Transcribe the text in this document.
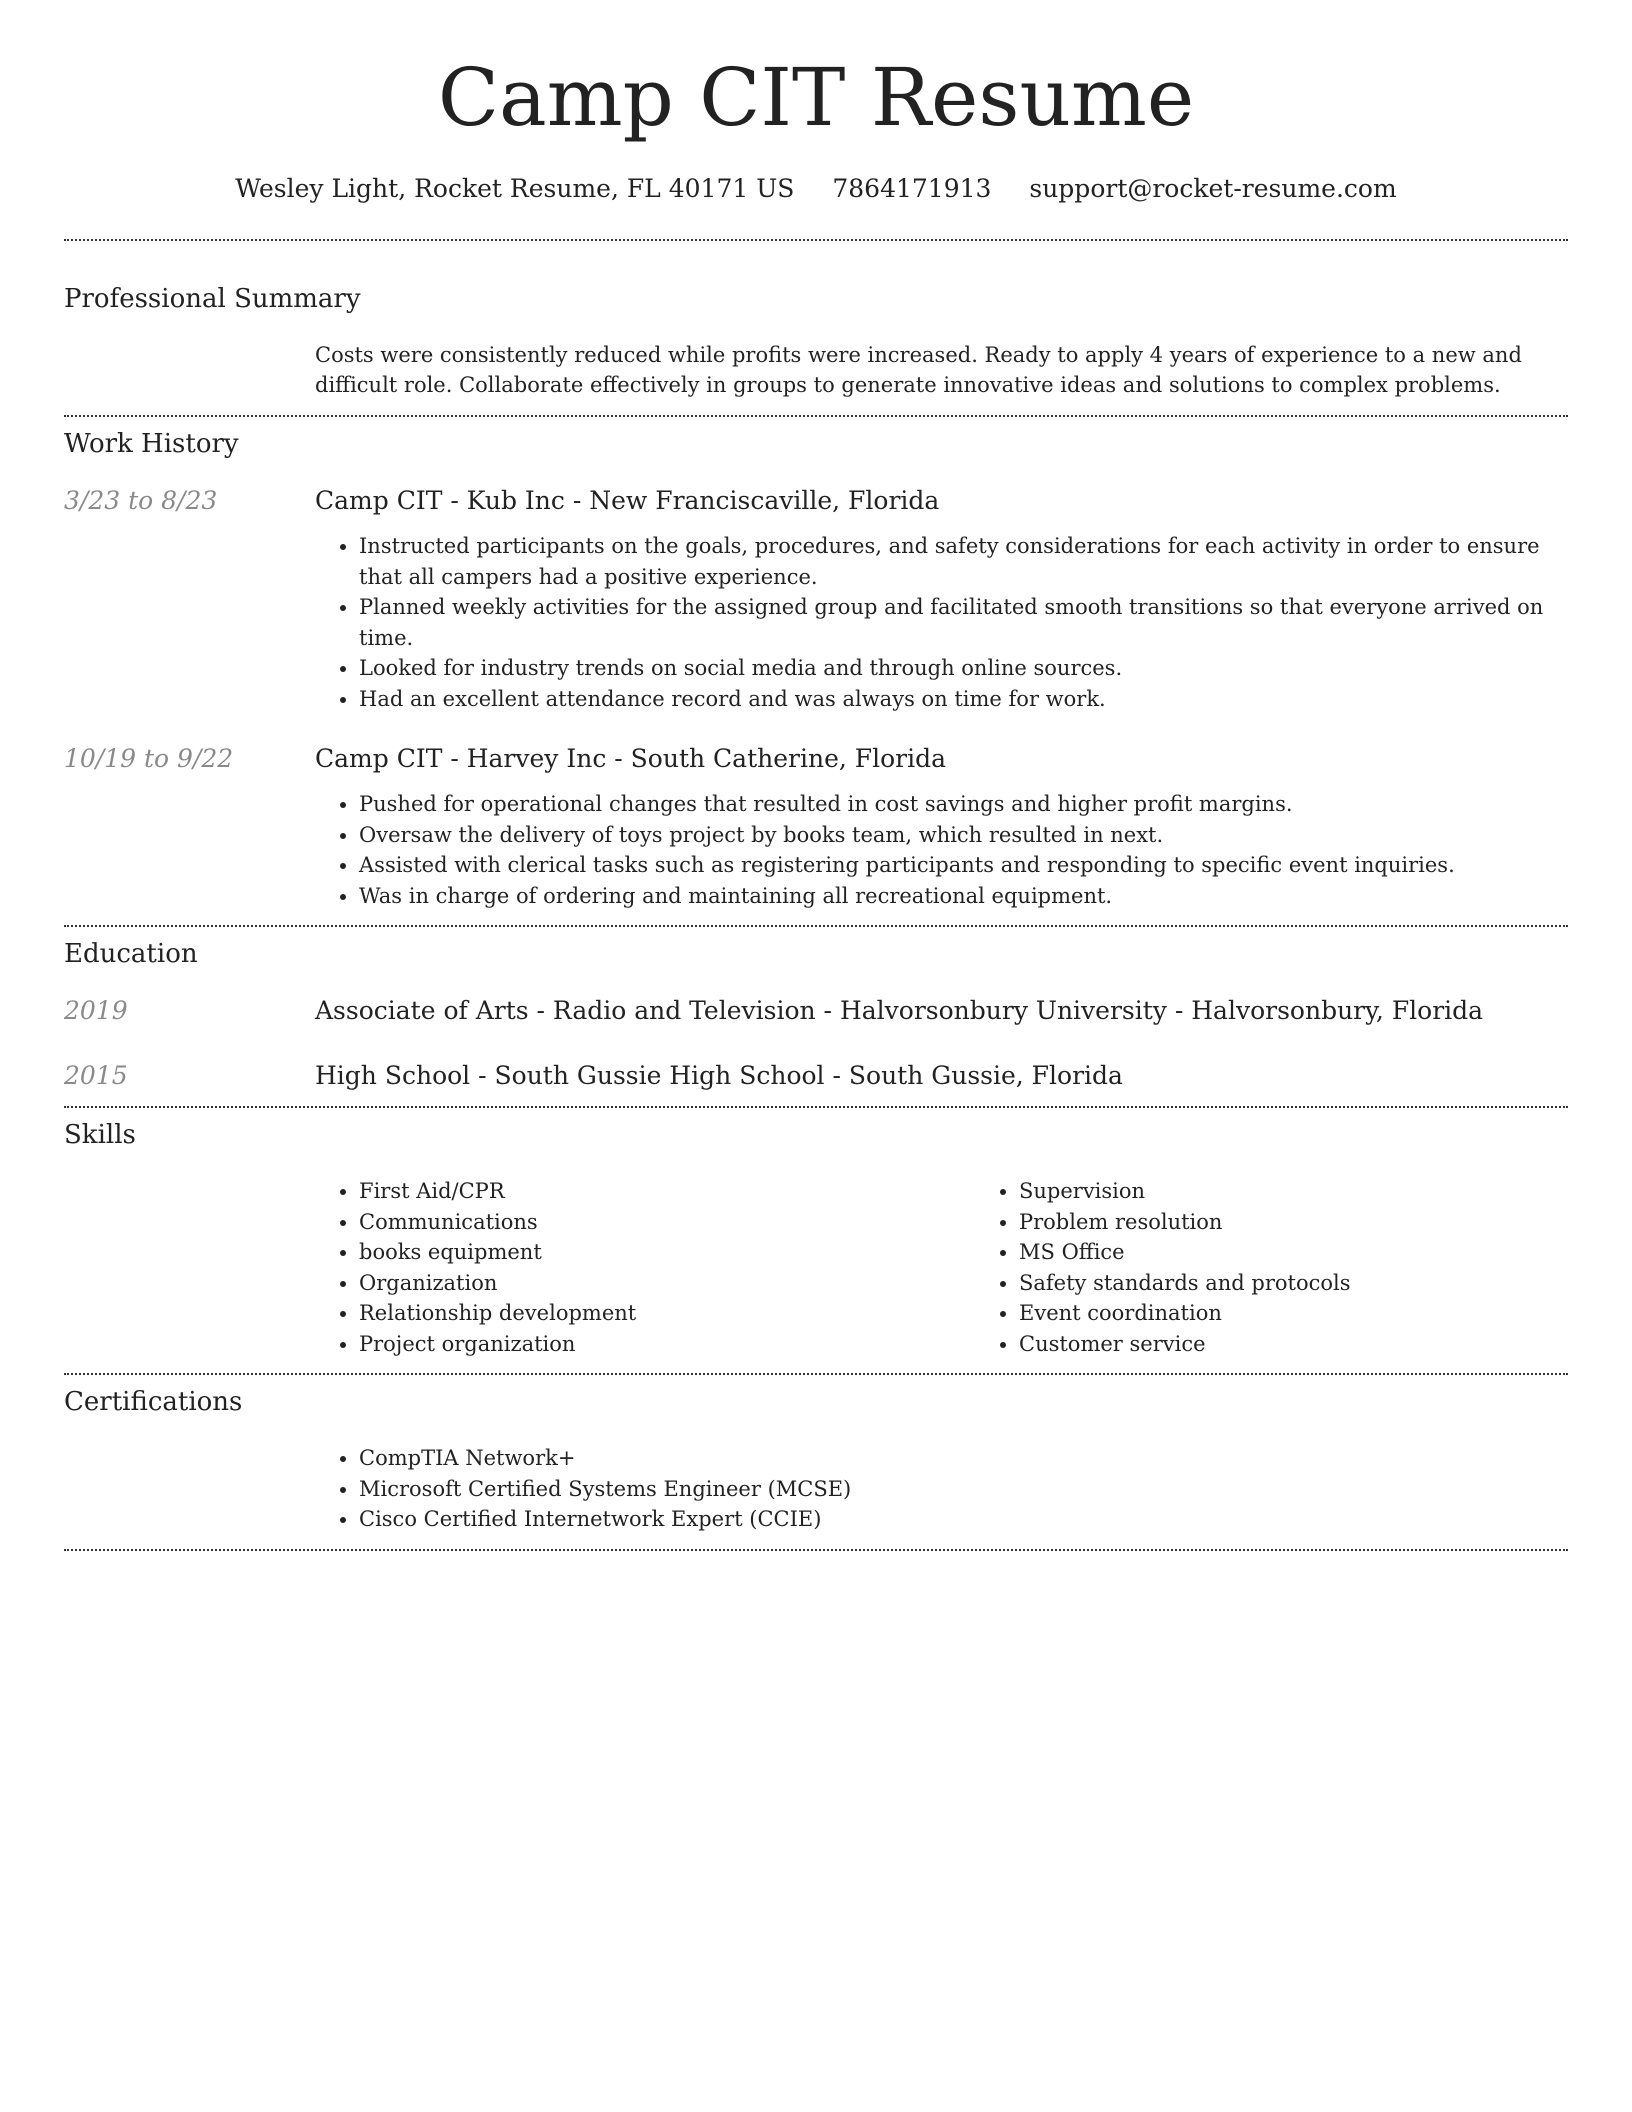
Camp CIT Resume
Wesley Light, Rocket Resume, FL 40171 US 7864171913 support@rocket-resume.com
Professional Summary
Costs were consistently reduced while profits were increased. Ready to apply 4 years of experience to a new and difficult role. Collaborate effectively in groups to generate innovative ideas and solutions to complex problems.
Work History
3/23 to 8/23	Camp CIT - Kub Inc - New Franciscaville, Florida
• Instructed participants on the goals, procedures, and safety considerations for each activity in order to ensure that all campers had a positive experience.
• Planned weekly activities for the assigned group and facilitated smooth transitions so that everyone arrived on time.
• Looked for industry trends on social media and through online sources.
• Had an excellent attendance record and was always on time for work.
10/19 to 9/22	Camp CIT - Harvey Inc - South Catherine, Florida
• Pushed for operational changes that resulted in cost savings and higher profit margins.
• Oversaw the delivery of toys project by books team, which resulted in next.
• Assisted with clerical tasks such as registering participants and responding to specific event inquiries.
• Was in charge of ordering and maintaining all recreational equipment.
Education
2019	Associate of Arts - Radio and Television - Halvorsonbury University - Halvorsonbury, Florida
2015	High School - South Gussie High School - South Gussie, Florida
Skills
• First Aid/CPR
• Communications
• books equipment
• Organization
• Relationship development
• Project organization
• Supervision
• Problem resolution
• MS Office
• Safety standards and protocols
• Event coordination
• Customer service
Certifications
• CompTIA Network+
• Microsoft Certified Systems Engineer (MCSE)
• Cisco Certified Internetwork Expert (CCIE)
